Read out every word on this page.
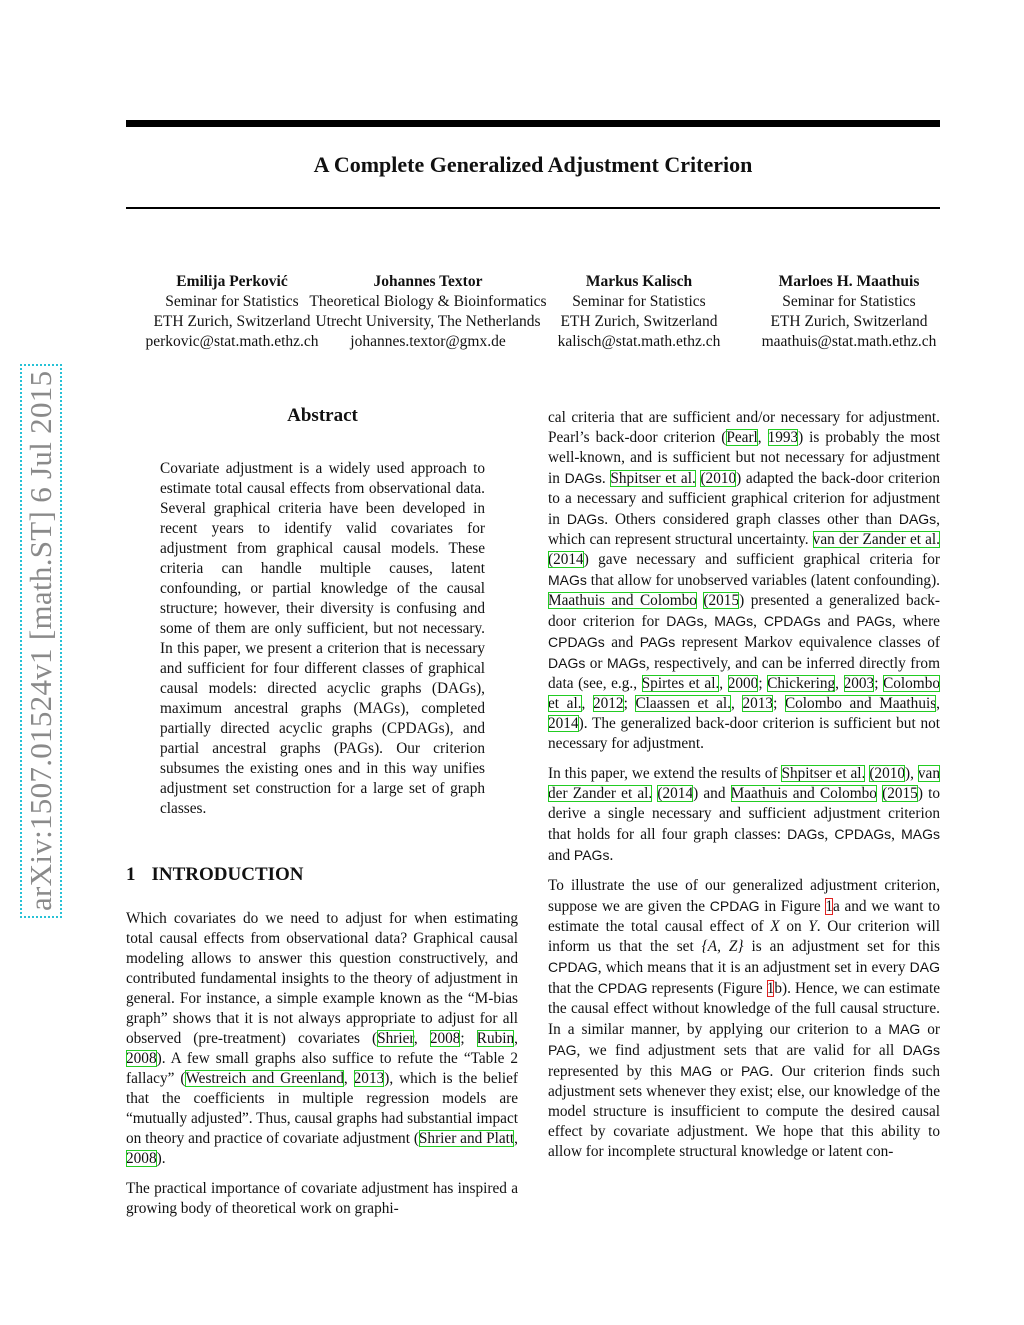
A Complete Generalized Adjustment Criterion
Emilija Perković
Seminar for Statistics
ETH Zurich, Switzerland
perkovic@stat.math.ethz.ch
Johannes Textor
Theoretical Biology & Bioinformatics
Utrecht University, The Netherlands
johannes.textor@gmx.de
Markus Kalisch
Seminar for Statistics
ETH Zurich, Switzerland
kalisch@stat.math.ethz.ch
Marloes H. Maathuis
Seminar for Statistics
ETH Zurich, Switzerland
maathuis@stat.math.ethz.ch
arXiv:1507.01524v1 [math.ST] 6 Jul 2015	Abstract

Covariate adjustment is a widely used approach to estimate total causal effects from observational data. Several graphical criteria have been developed in recent years to identify valid covariates for adjustment from graphical causal models. These criteria can handle multiple causes, latent confounding, or partial knowledge of the causal structure; however, their diversity is confusing and some of them are only sufficient, but not necessary. In this paper, we present a criterion that is necessary and sufficient for four different classes of graphical causal models: directed acyclic graphs (DAGs), maximum ancestral graphs (MAGs), completed partially directed acyclic graphs (CPDAGs), and partial ancestral graphs (PAGs). Our criterion subsumes the existing ones and in this way unifies adjustment set construction for a large set of graph classes.

1 INTRODUCTION

Which covariates do we need to adjust for when estimating total causal effects from observational data? Graphical causal modeling allows to answer this question constructively, and contributed fundamental insights to the theory of adjustment in general. For instance, a simple example known as the “M-bias graph” shows that it is not always appropriate to adjust for all observed (pre-treatment) covariates (Shrier, 2008; Rubin, 2008). A few small graphs also suffice to refute the “Table 2 fallacy” (Westreich and Greenland, 2013), which is the belief that the coefficients in multiple regression models are “mutually adjusted”. Thus, causal graphs had substantial impact on theory and practice of covariate adjustment (Shrier and Platt, 2008).

The practical importance of covariate adjustment has inspired a growing body of theoretical work on graphi-

cal criteria that are sufficient and/or necessary for adjustment. Pearl’s back-door criterion (Pearl, 1993) is probably the most well-known, and is sufficient but not necessary for adjustment in DAGs. Shpitser et al. (2010) adapted the back-door criterion to a necessary and sufficient graphical criterion for adjustment in DAGs. Others considered graph classes other than DAGs, which can represent structural uncertainty. van der Zander et al. (2014) gave necessary and sufficient graphical criteria for MAGs that allow for unobserved variables (latent confounding). Maathuis and Colombo (2015) presented a generalized back-door criterion for DAGs, MAGs, CPDAGs and PAGs, where CPDAGs and PAGs represent Markov equivalence classes of DAGs or MAGs, respectively, and can be inferred directly from data (see, e.g., Spirtes et al., 2000; Chickering, 2003; Colombo et al., 2012; Claassen et al., 2013; Colombo and Maathuis, 2014). The generalized back-door criterion is sufficient but not necessary for adjustment.

In this paper, we extend the results of Shpitser et al. (2010), van der Zander et al. (2014) and Maathuis and Colombo (2015) to derive a single necessary and sufficient adjustment criterion that holds for all four graph classes: DAGs, CPDAGs, MAGs and PAGs.

To illustrate the use of our generalized adjustment criterion, suppose we are given the CPDAG in Figure 1a and we want to estimate the total causal effect of X on Y. Our criterion will inform us that the set {A, Z} is an adjustment set for this CPDAG, which means that it is an adjustment set in every DAG that the CPDAG represents (Figure 1b). Hence, we can estimate the causal effect without knowledge of the full causal structure. In a similar manner, by applying our criterion to a MAG or PAG, we find adjustment sets that are valid for all DAGs represented by this MAG or PAG. Our criterion finds such adjustment sets whenever they exist; else, our knowledge of the model structure is insufficient to compute the desired causal effect by covariate adjustment. We hope that this ability to allow for incomplete structural knowledge or latent con-
